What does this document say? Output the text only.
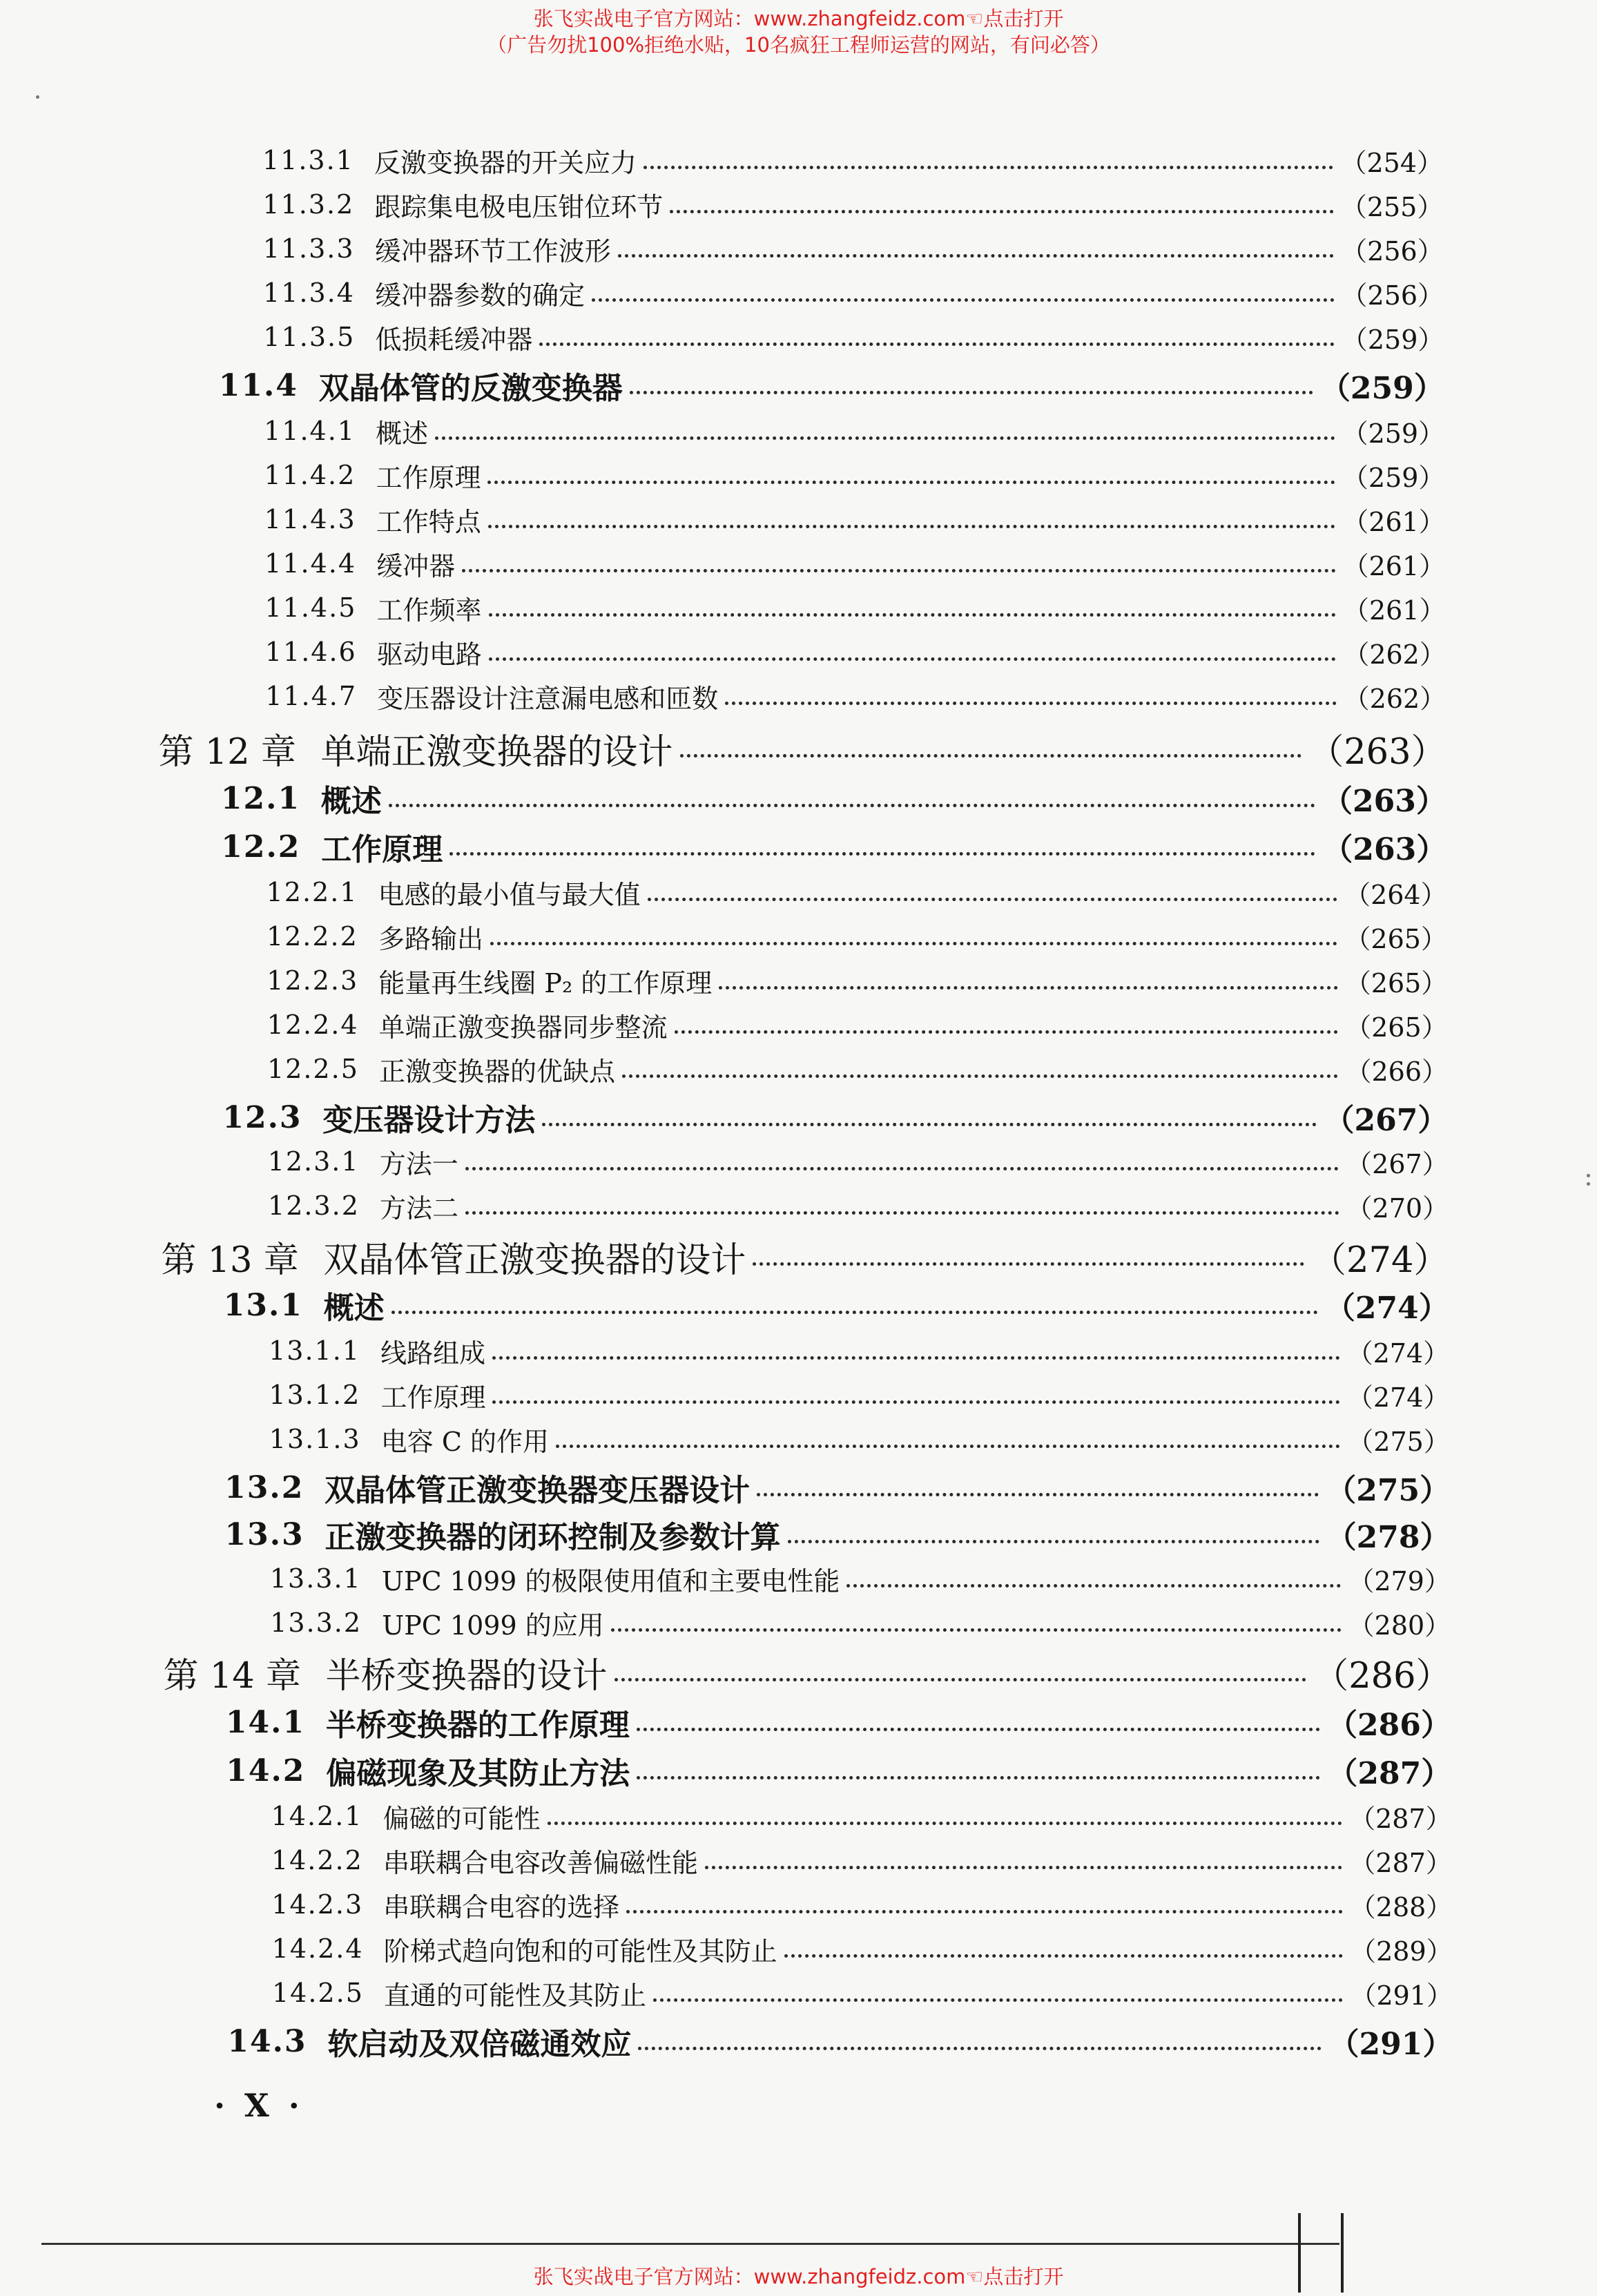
张飞实战电子官方网站：www.zhangfeidz.com☜点击打开
（广告勿扰100%拒绝水贴，10名疯狂工程师运营的网站，有问必答）
11.3.1 反激变换器的开关应力	（254）
11.3.2 跟踪集电极电压钳位环节	（255）
11.3.3 缓冲器环节工作波形	（256）
11.3.4 缓冲器参数的确定	（256）
11.3.5 低损耗缓冲器	（259）
11.4 双晶体管的反激变换器	（259）
11.4.1 概述	（259）
11.4.2 工作原理	（259）
11.4.3 工作特点	（261）
11.4.4 缓冲器	（261）
11.4.5 工作频率	（261）
11.4.6 驱动电路	（262）
11.4.7 变压器设计注意漏电感和匝数	（262）
第 12 章 单端正激变换器的设计	（263）
12.1 概述	（263）
12.2 工作原理	（263）
12.2.1 电感的最小值与最大值	（264）
12.2.2 多路输出	（265）
12.2.3 能量再生线圈 P₂ 的工作原理	（265）
12.2.4 单端正激变换器同步整流	（265）
12.2.5 正激变换器的优缺点	（266）
12.3 变压器设计方法	（267）
12.3.1 方法一	（267）
12.3.2 方法二	（270）
第 13 章 双晶体管正激变换器的设计	（274）
13.1 概述	（274）
13.1.1 线路组成	（274）
13.1.2 工作原理	（274）
13.1.3 电容 C 的作用	（275）
13.2 双晶体管正激变换器变压器设计	（275）
13.3 正激变换器的闭环控制及参数计算	（278）
13.3.1 UPC 1099 的极限使用值和主要电性能	（279）
13.3.2 UPC 1099 的应用	（280）
第 14 章 半桥变换器的设计	（286）
14.1 半桥变换器的工作原理	（286）
14.2 偏磁现象及其防止方法	（287）
14.2.1 偏磁的可能性	（287）
14.2.2 串联耦合电容改善偏磁性能	（287）
14.2.3 串联耦合电容的选择	（288）
14.2.4 阶梯式趋向饱和的可能性及其防止	（289）
14.2.5 直通的可能性及其防止	（291）
14.3 软启动及双倍磁通效应	（291）
· X ·
张飞实战电子官方网站：www.zhangfeidz.com☜点击打开
